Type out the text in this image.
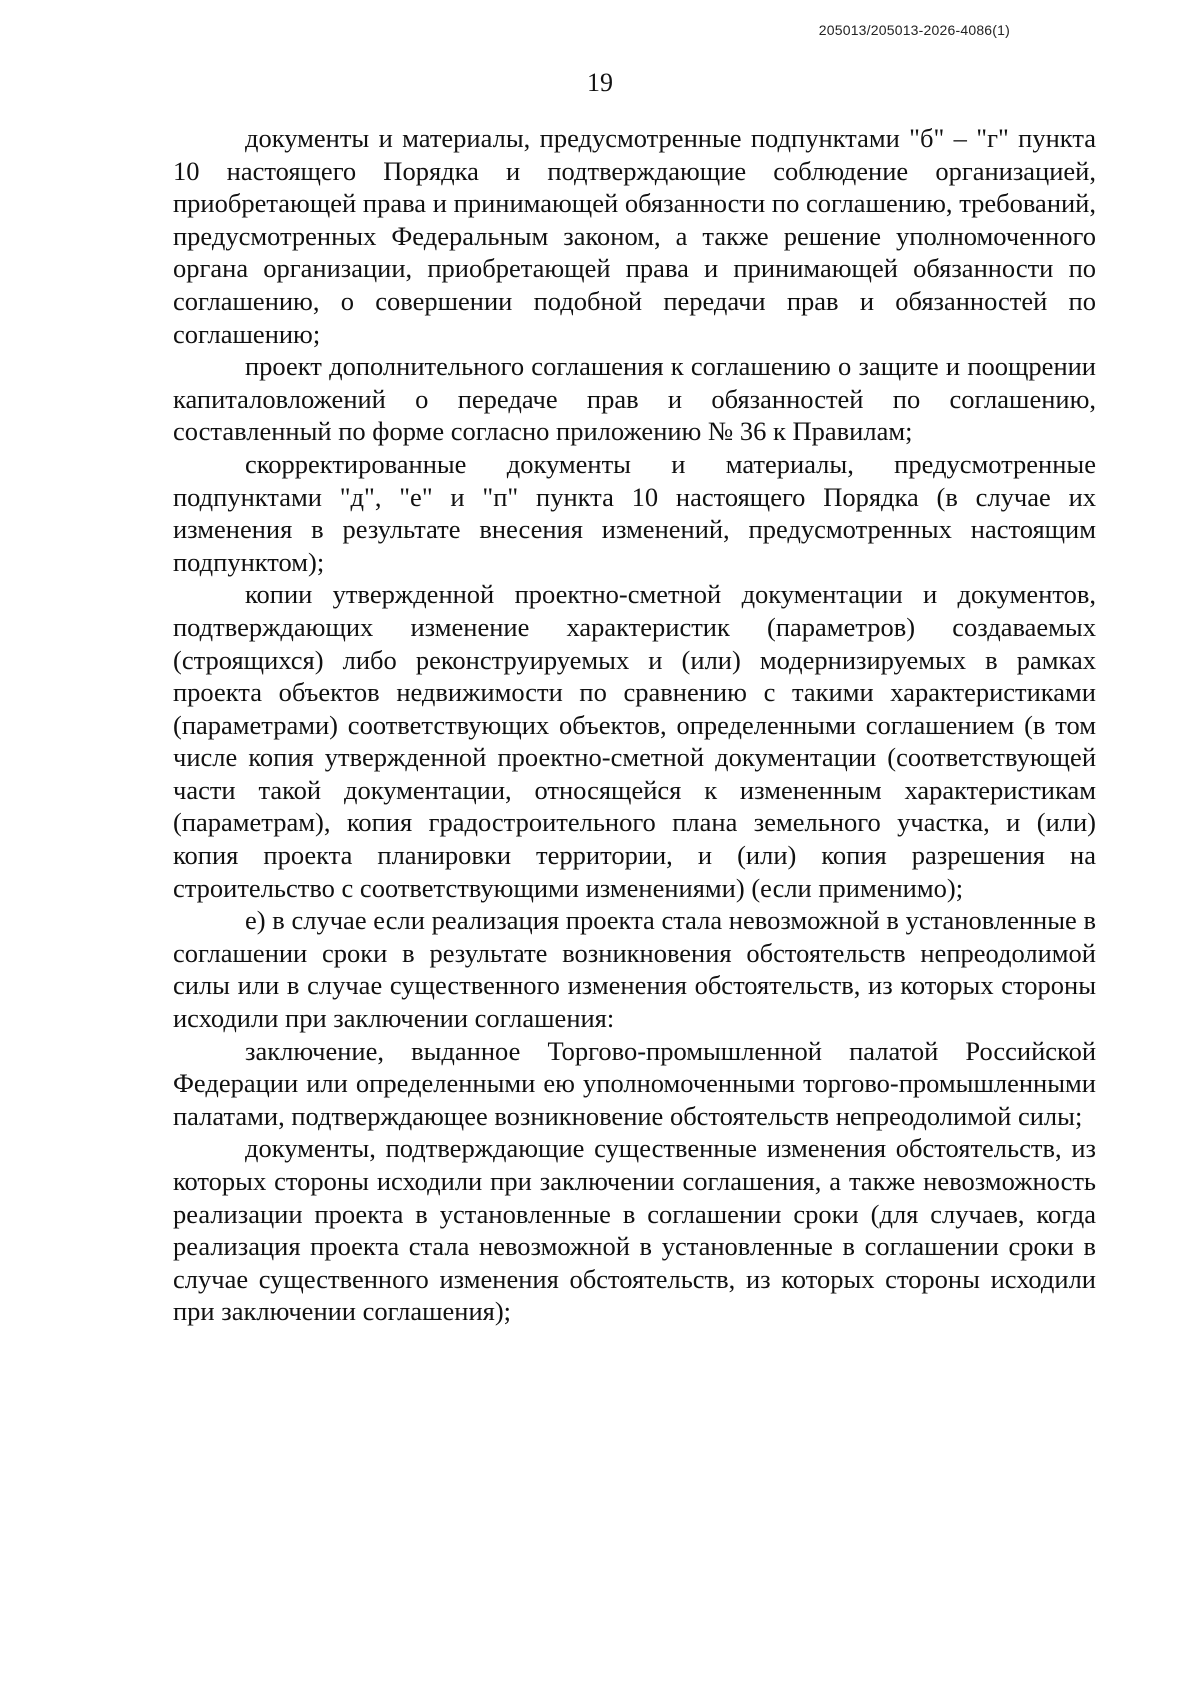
205013/205013-2026-4086(1)
19

документы и материалы, предусмотренные подпунктами "б" – "г" пункта 10 настоящего Порядка и подтверждающие соблюдение организацией, приобретающей права и принимающей обязанности по соглашению, требований, предусмотренных Федеральным законом, а также решение уполномоченного органа организации, приобретающей права и принимающей обязанности по соглашению, о совершении подобной передачи прав и обязанностей по соглашению;

проект дополнительного соглашения к соглашению о защите и поощрении капиталовложений о передаче прав и обязанностей по соглашению, составленный по форме согласно приложению № 36 к Правилам;

скорректированные документы и материалы, предусмотренные подпунктами "д", "е" и "п" пункта 10 настоящего Порядка (в случае их изменения в результате внесения изменений, предусмотренных настоящим подпунктом);

копии утвержденной проектно-сметной документации и документов, подтверждающих изменение характеристик (параметров) создаваемых (строящихся) либо реконструируемых и (или) модернизируемых в рамках проекта объектов недвижимости по сравнению с такими характеристиками (параметрами) соответствующих объектов, определенными соглашением (в том числе копия утвержденной проектно-сметной документации (соответствующей части такой документации, относящейся к измененным характеристикам (параметрам), копия градостроительного плана земельного участка, и (или) копия проекта планировки территории, и (или) копия разрешения на строительство с соответствующими изменениями) (если применимо);

е) в случае если реализация проекта стала невозможной в установленные в соглашении сроки в результате возникновения обстоятельств непреодолимой силы или в случае существенного изменения обстоятельств, из которых стороны исходили при заключении соглашения:

заключение, выданное Торгово-промышленной палатой Российской Федерации или определенными ею уполномоченными торгово-промышленными палатами, подтверждающее возникновение обстоятельств непреодолимой силы;

документы, подтверждающие существенные изменения обстоятельств, из которых стороны исходили при заключении соглашения, а также невозможность реализации проекта в установленные в соглашении сроки (для случаев, когда реализация проекта стала невозможной в установленные в соглашении сроки в случае существенного изменения обстоятельств, из которых стороны исходили при заключении соглашения);
